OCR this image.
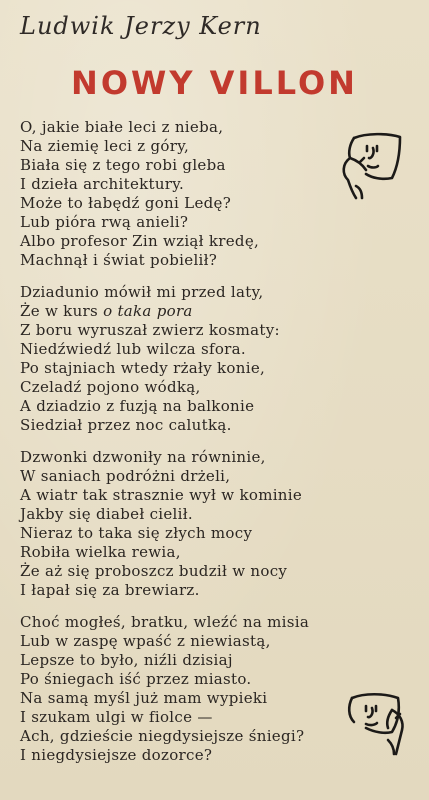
Ludwik Jerzy Kern
NOWY VILLON
O, jakie białe leci z nieba,
Na ziemię leci z góry,
Biała się z tego robi gleba
I dzieła architektury.
Może to łabędź goni Ledę?
Lub pióra rwą anieli?
Albo profesor Zin wziął kredę,
Machnął i świat pobielił?
Dziadunio mówił mi przed laty,
Że w kurs o taka pora
Z boru wyruszał zwierz kosmaty:
Niedźwiedź lub wilcza sfora.
Po stajniach wtedy rżały konie,
Czeladź pojono wódką,
A dziadzio z fuzją na balkonie
Siedział przez noc calutką.
Dzwonki dzwoniły na równinie,
W saniach podróżni drżeli,
A wiatr tak strasznie wył w kominie
Jakby się diabeł cielił.
Nieraz to taka się złych mocy
Robiła wielka rewia,
Że aż się proboszcz budził w nocy
I łapał się za brewiarz.
Choć mogłeś, bratku, wleźć na misia
Lub w zaspę wpaść z niewiastą,
Lepsze to było, niźli dzisiaj
Po śniegach iść przez miasto.
Na samą myśl już mam wypieki
I szukam ulgi w fiolce —
Ach, gdzieście niegdysiejsze śniegi?
I niegdysiejsze dozorce?
